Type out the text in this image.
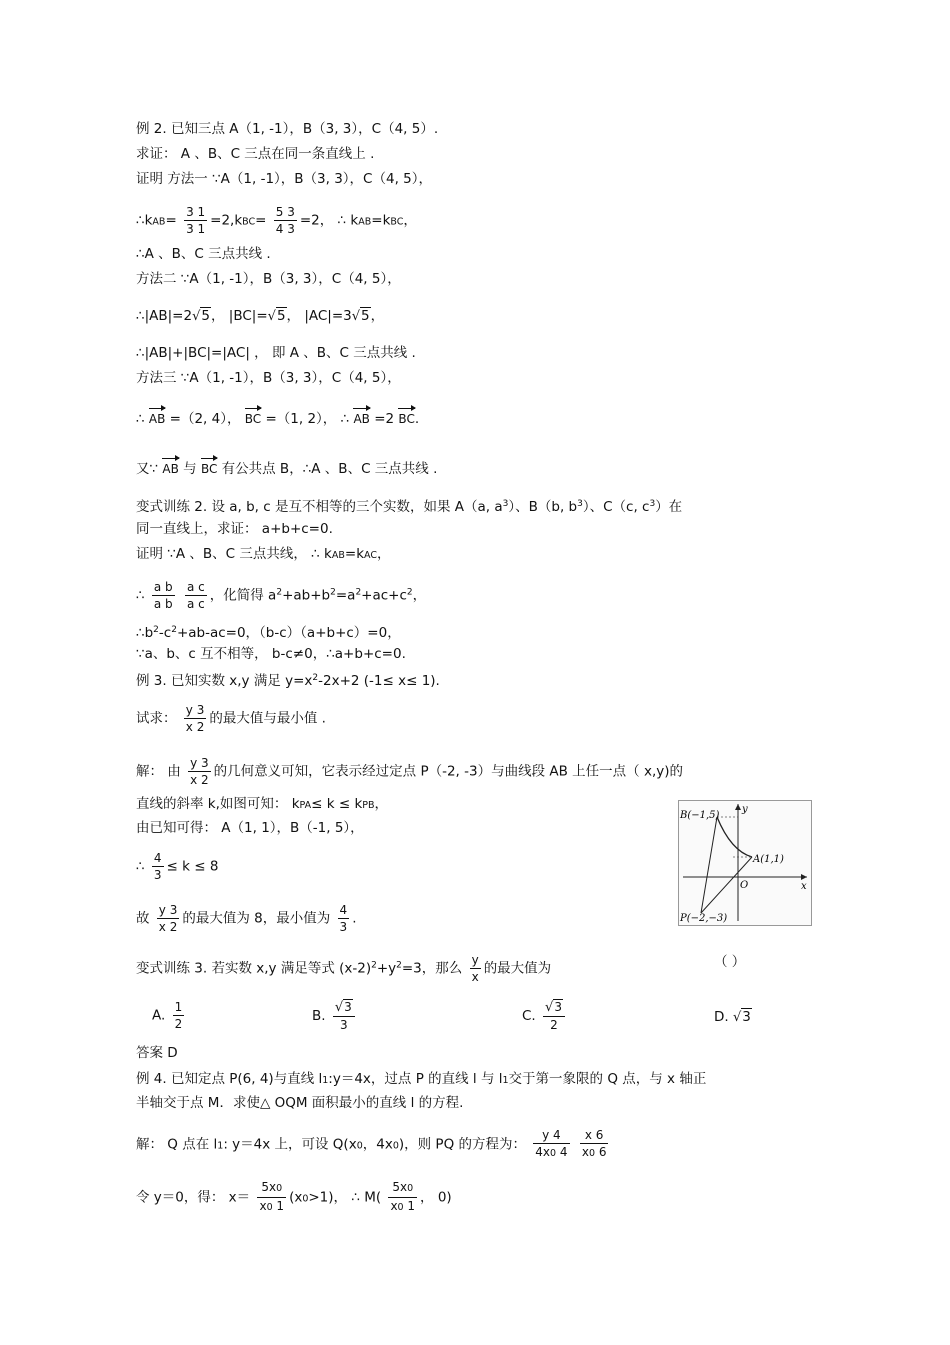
例 2. 已知三点 A（1, -1），B（3, 3），C（4, 5）.
求证： A 、B、C 三点在同一条直线上 .
证明 方法一 ∵A（1, -1），B（3, 3），C（4, 5），
∴kAB= $\frac{3 1}{3 1} =2,kBC= \frac{5 3}{4 3} =2$， ∴ kAB=kBC，
∴A 、B、C 三点共线 .
方法二 ∵A（1, -1），B（3, 3），C（4, 5），
∴|AB|=2√5， |BC|=√5， |AC|=3√5，
∴|AB|+|BC|=|AC| ， 即 A 、B、C 三点共线 .
方法三 ∵A（1, -1），B（3, 3），C（4, 5），
∴ AB =（2, 4）， BC =（1, 2）， ∴ AB =2 BC.
又∵ AB 与 BC 有公共点 B，∴A 、B、C 三点共线 .
变式训练 2. 设 a, b, c 是互不相等的三个实数，如果 A（a, $a^3$）、B（b, $b^3$）、C（c, $c^3$）在
同一直线上，求证： a+b+c=0.
证明 ∵A 、B、C 三点共线， ∴ kAB=kAC，
∴ $\frac{\text{a b}}{\text{a b}}$
$\frac{\text{a c}}{\text{a c}}$ ，化简得 $a^2+ab+b^2=a^2+ac+c^2$，
$\therefore b^2-c^2+ab-ac=0$，（b-c）（a+b+c）=0，
∵a、b、c 互不相等， b-c≠0，∴a+b+c=0.
例 3. 已知实数 x,y 满足 $y=x^2-2x+2$ (-1≤ x≤ 1).
试求： $\frac{y 3}{x 2}$ 的最大值与最小值 .
解： 由 $\frac{y 3}{x 2}$ 的几何意义可知，它表示经过定点 P（-2, -3）与曲线段 AB 上任一点（ x,y)的
直线的斜率 k,如图可知： kPA≤ k ≤ kPB，
由已知可得： A（1, 1），B（-1, 5），
∴ $\frac{4}{3} \le k \le 8$
故 $\frac{y 3}{x 2}$ 的最大值为 8，最小值为 $\frac{4}{3}$ .
B(−1,5)
A(1,1)
P(−2,−3)
O	x
y
变式训练 3. 若实数 x,y 满足等式 $(x-2)^2+y^2=3$，那么 $\frac{y}{x}$ 的最大值为	（ ）
A. $\frac{1}{2}$	B. $\frac{√3}{3}$	C. $\frac{√3}{2}$	D. √3
答案 D
例 4. 已知定点 P(6, 4)与直线 l1:y＝4x，过点 P 的直线 l 与 l1交于第一象限的 Q 点，与 x 轴正
半轴交于点 M．求使△ OQM 面积最小的直线 l 的方程.
解： Q 点在 l1: y＝4x 上，可设 Q(x0，4x0)，则 PQ 的方程为： $\frac{y 4}{4x0 4}$
$\frac{x 6}{x0 6}$
令 y＝0，得： $x= \frac{5x0}{x0 1} (x0>1)$， ∴ $M( \frac{5x0}{x0 1}$ ， 0)
